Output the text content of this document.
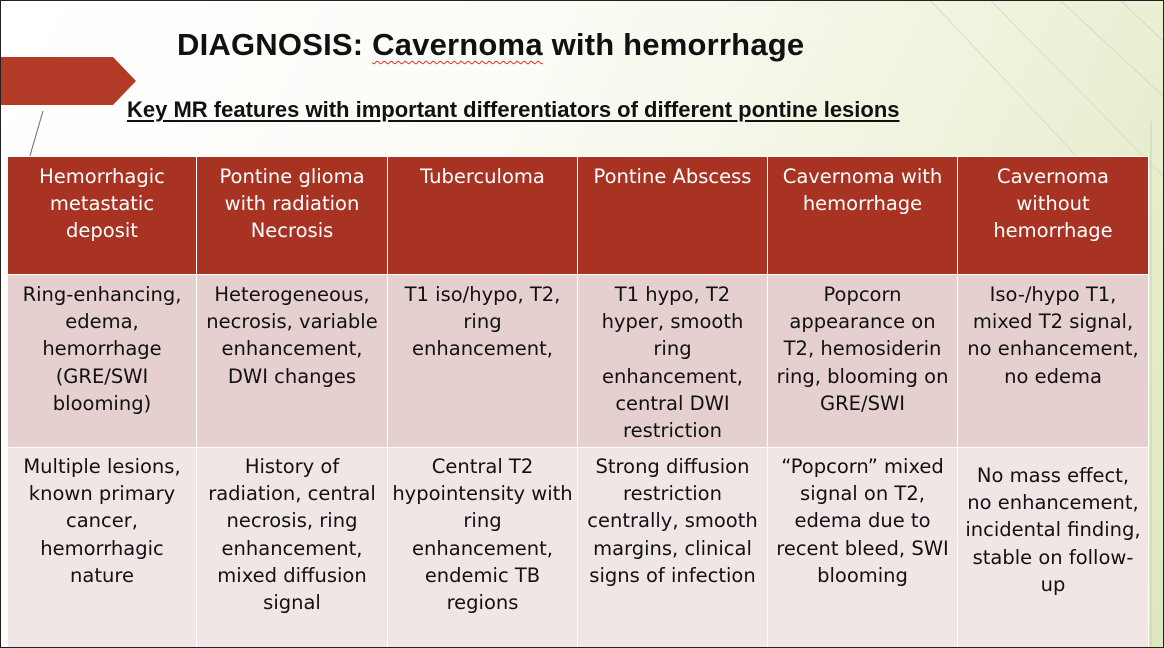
DIAGNOSIS: Cavernoma with hemorrhage
Key MR features with important differentiators of different pontine lesions
Hemorrhagic metastatic deposit	Pontine glioma with radiation Necrosis	Tuberculoma	Pontine Abscess	Cavernoma with hemorrhage	Cavernoma without hemorrhage
Ring-enhancing, edema, hemorrhage (GRE/SWI blooming)	Heterogeneous, necrosis, variable enhancement, DWI changes	T1 iso/hypo, T2, ring enhancement,	T1 hypo, T2 hyper, smooth ring enhancement, central DWI restriction	Popcorn appearance on T2, hemosiderin ring, blooming on GRE/SWI	Iso-/hypo T1, mixed T2 signal, no enhancement, no edema
Multiple lesions, known primary cancer, hemorrhagic nature	History of radiation, central necrosis, ring enhancement, mixed diffusion signal	Central T2 hypointensity with ring enhancement, endemic TB regions	Strong diffusion restriction centrally, smooth margins, clinical signs of infection	“Popcorn” mixed signal on T2, edema due to recent bleed, SWI blooming	No mass effect, no enhancement, incidental finding, stable on follow-up
